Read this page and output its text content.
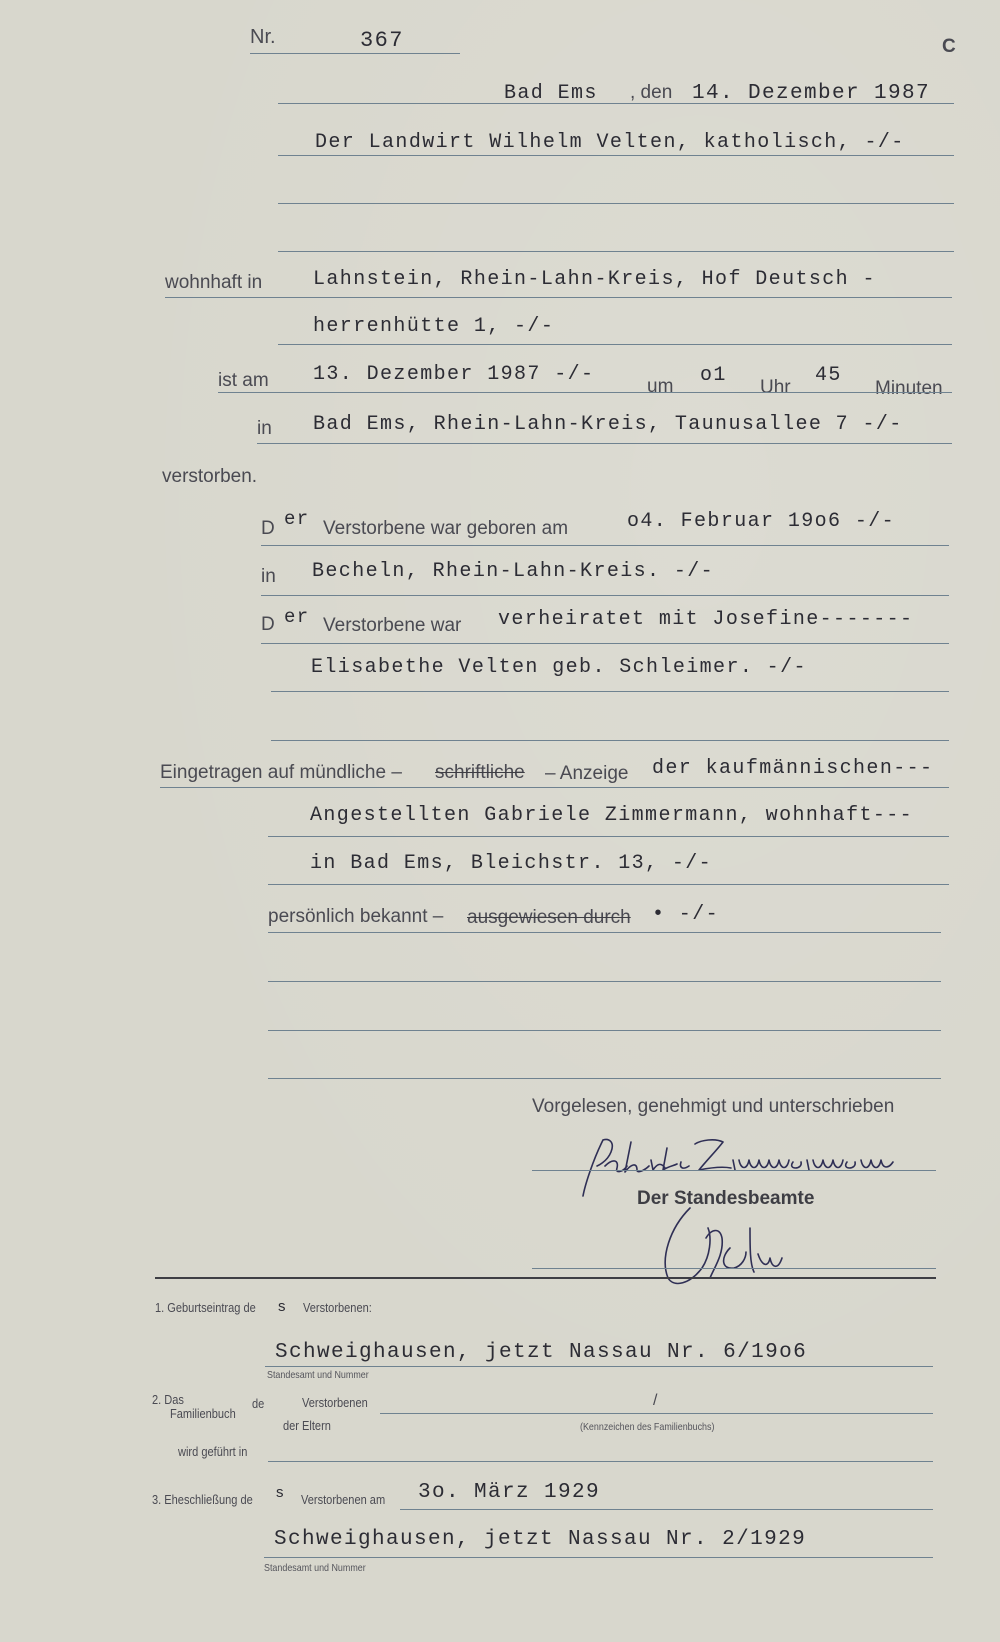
Nr.	367	C
Bad Ems , den 14. Dezember 1987
Der Landwirt Wilhelm Velten, katholisch, -/-
wohnhaft in	Lahnstein, Rhein-Lahn-Kreis, Hof Deutsch -
herrenhütte 1, -/-
ist am 13. Dezember 1987 -/-
um o1
Uhr
45
Minuten
in Bad Ems, Rhein-Lahn-Kreis, Taunusallee 7 -/-
verstorben.
D er Verstorbene war geboren am	o4. Februar 19o6 -/-
in Becheln, Rhein-Lahn-Kreis. -/-
D er Verstorbene war verheiratet mit Josefine-------
Elisabethe Velten geb. Schleimer. -/-
Eingetragen auf mündliche – schriftliche – Anzeige der kaufmännischen---
Angestellten Gabriele Zimmermann, wohnhaft---
in Bad Ems, Bleichstr. 13, -/-
persönlich bekannt – ausgewiesen durch • -/-
Vorgelesen, genehmigt und unterschrieben
Der Standesbeamte
1. Geburtseintrag de s Verstorbenen:
Schweighausen, jetzt Nassau Nr. 6/19o6
Standesamt und Nummer
2. Das
Familienbuch
de	Verstorbenen	/
der Eltern	(Kennzeichen des Familienbuchs)
wird geführt in
3. Eheschließung de s Verstorbenen am 3o. März 1929
Schweighausen, jetzt Nassau Nr. 2/1929
Standesamt und Nummer
